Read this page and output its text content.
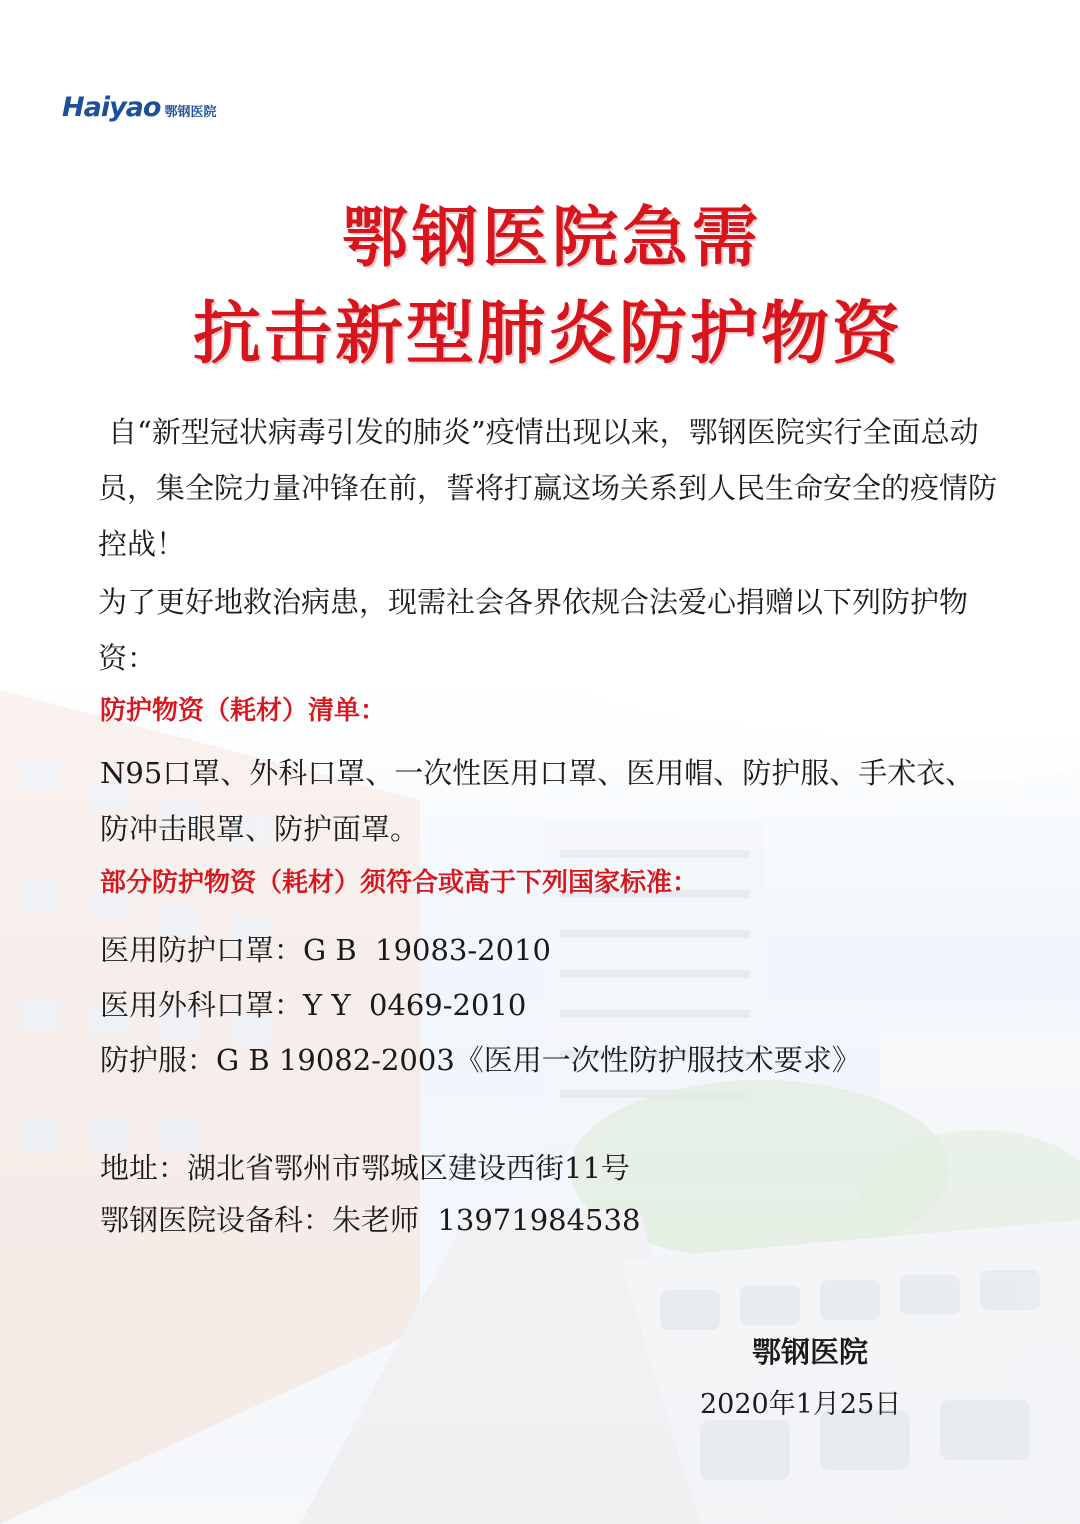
Haiyao 鄂钢医院
鄂钢医院急需
抗击新型肺炎防护物资
自“新型冠状病毒引发的肺炎”疫情出现以来，鄂钢医院实行全面总动员，集全院力量冲锋在前，誓将打赢这场关系到人民生命安全的疫情防控战！
为了更好地救治病患，现需社会各界依规合法爱心捐赠以下列防护物资：
防护物资（耗材）清单：
N95口罩、外科口罩、一次性医用口罩、医用帽、防护服、手术衣、防冲击眼罩、防护面罩。
部分防护物资（耗材）须符合或高于下列国家标准：
医用防护口罩：G B  19083-2010
医用外科口罩：Y Y  0469-2010
防护服：G B 19082-2003《医用一次性防护服技术要求》
地址：湖北省鄂州市鄂城区建设西街11号
鄂钢医院设备科：朱老师  13971984538
鄂钢医院
2020年1月25日
